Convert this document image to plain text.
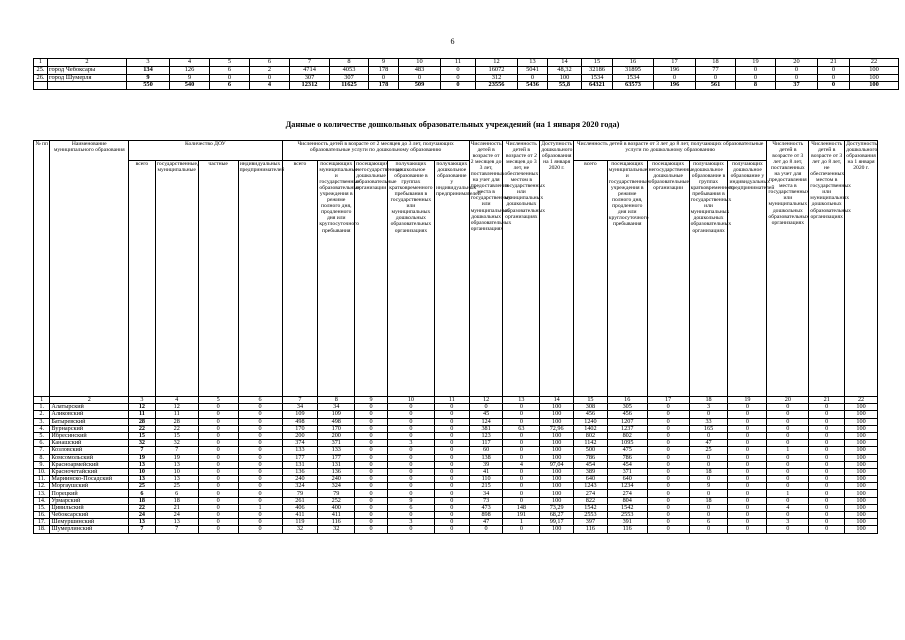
6
1	2	3	4	5	6	7	8	9	10	11	12	13	14	15	16	17	18	19	20	21	22
25.	город Чебоксары	134	126	6	2	4714	4053	178	483	0	16072	5041	48,32	32186	31895	196	77	0	0	0	100
26.	город Шумерля	9	9	0	0	307	307	0	0	0	312	0	100	1534	1534	0	0	0	0	0	100
		550	540	6	4	12312	11625	178	509	0	23556	5436	55,8	64321	63573	196	561	8	37	0	100
Данные о количестве дошкольных образовательных учреждений (на 1 января 2020 года)
№ пп	Наименование муниципального образования	Количество ДОУ				Численность детей в возрасте от 2 месяцев до 3 лет, получающих образовательные услуги по дошкольному образованию					Численность детей в возрасте от 2 месяцев до 3 лет, поставленных на учет для предоставления места в государственных или муниципальных дошкольных образовательных организациях	Численность детей в возрасте от 2 месяцев до 3 лет, не обеспеченных местом в государственных или муниципальных дошкольных образовательных организациях	Доступность дошкольного образования на 1 января 2020 г.	Численность детей в возрасте от 3 лет до 8 лет, получающих образовательные услуги по дошкольному образованию					Численность детей в возрасте от 3 лет до 8 лет, поставленных на учет для предоставления места в государственных или муниципальных дошкольных образовательных организациях	Численность детей в возрасте от 3 лет до 8 лет, не обеспеченных местом в государственных или муниципальных дошкольных образовательных организациях	Доступность дошкольного образования на 1 января 2020 г.
		всего	государственные, муниципальные	частные	индивидуальных предпринимателей	всего	посещающих муниципальные и государственные образовательные учреждения в режиме полного дня, продленного дня или круглосуточного пребывания	посещающих негосударственные дошкольные образовательные организации	получающих дошкольное образование в группах кратковременного пребывания в государственных или муниципальных дошкольных образовательных организациях	получающих дошкольное образование у индивидуальных предпринимателей				всего	посещающих муниципальные и государственные учреждения в режиме полного дня, продленного дня или круглосуточного пребывания	посещающих негосударственные дошкольные образовательные организации	получающих дошкольное образование в группах кратковременного пребывания в государственных или муниципальных дошкольных образовательных организациях	получающих дошкольное образование у индивидуальных предпринимателей			
1	2	3	4	5	6	7	8	9	10	11	12	13	14	15	16	17	18	19	20	21	22
1.	Алатырский	12	12	0	0	34	34	0	0	0	0	0	100	308	305	0	3	0	0	0	100
2.	Аликовский	11	11	0	0	109	109	0	0	0	45	0	100	456	456	0	0	0	0	0	100
3.	Батыревский	28	28	0	0	498	498	0	0	0	124	0	100	1240	1207	0	33	0	0	0	100
4.	Вурнарский	22	22	0	0	170	170	0	0	0	381	63	72,96	1402	1237	0	165	0	0	0	100
5.	Ибресинский	15	15	0	0	200	200	0	0	0	123	0	100	802	802	0	0	0	0	0	100
6.	Канашский	32	32	0	0	374	371	0	3	0	117	0	100	1142	1095	0	47	0	0	0	100
7.	Козловский	7	7	0	0	133	133	0	0	0	60	0	100	500	475	0	25	0	1	0	100
8.	Комсомольский	19	19	0	0	177	177	0	0	0	138	0	100	786	786	0	0	0	0	0	100
9.	Красноармейский	13	13	0	0	131	131	0	0	0	39	4	97,04	454	454	0	0	0	0	0	100
10.	Красночетайский	10	10	0	0	136	136	0	0	0	41	0	100	389	371	0	18	0	0	0	100
11.	Мариинско-Посадский	13	13	0	0	240	240	0	0	0	110	0	100	640	640	0	0	0	0	0	100
12.	Моргаушский	25	25	0	0	324	324	0	0	0	215	0	100	1243	1234	0	9	0	0	0	100
13.	Порецкий	6	6	0	0	79	79	0	0	0	34	0	100	274	274	0	0	0	1	0	100
14.	Урмарский	18	18	0	0	261	252	0	9	0	73	0	100	822	804	0	18	0	0	0	100
15.	Цивильский	22	21	0	1	406	400	0	6	0	473	148	73,29	1542	1542	0	0	0	4	0	100
16.	Чебоксарский	24	24	0	0	411	411	0	0	0	898	191	68,27	2553	2553	0	0	0	0	0	100
17.	Шемуршинский	13	13	0	0	119	116	0	3	0	47	1	99,17	397	391	0	6	0	3	0	100
18.	Шумерлинский	7	7	0	0	32	32	0	0	0	0	0	100	116	116	0	0	0	0	0	100
